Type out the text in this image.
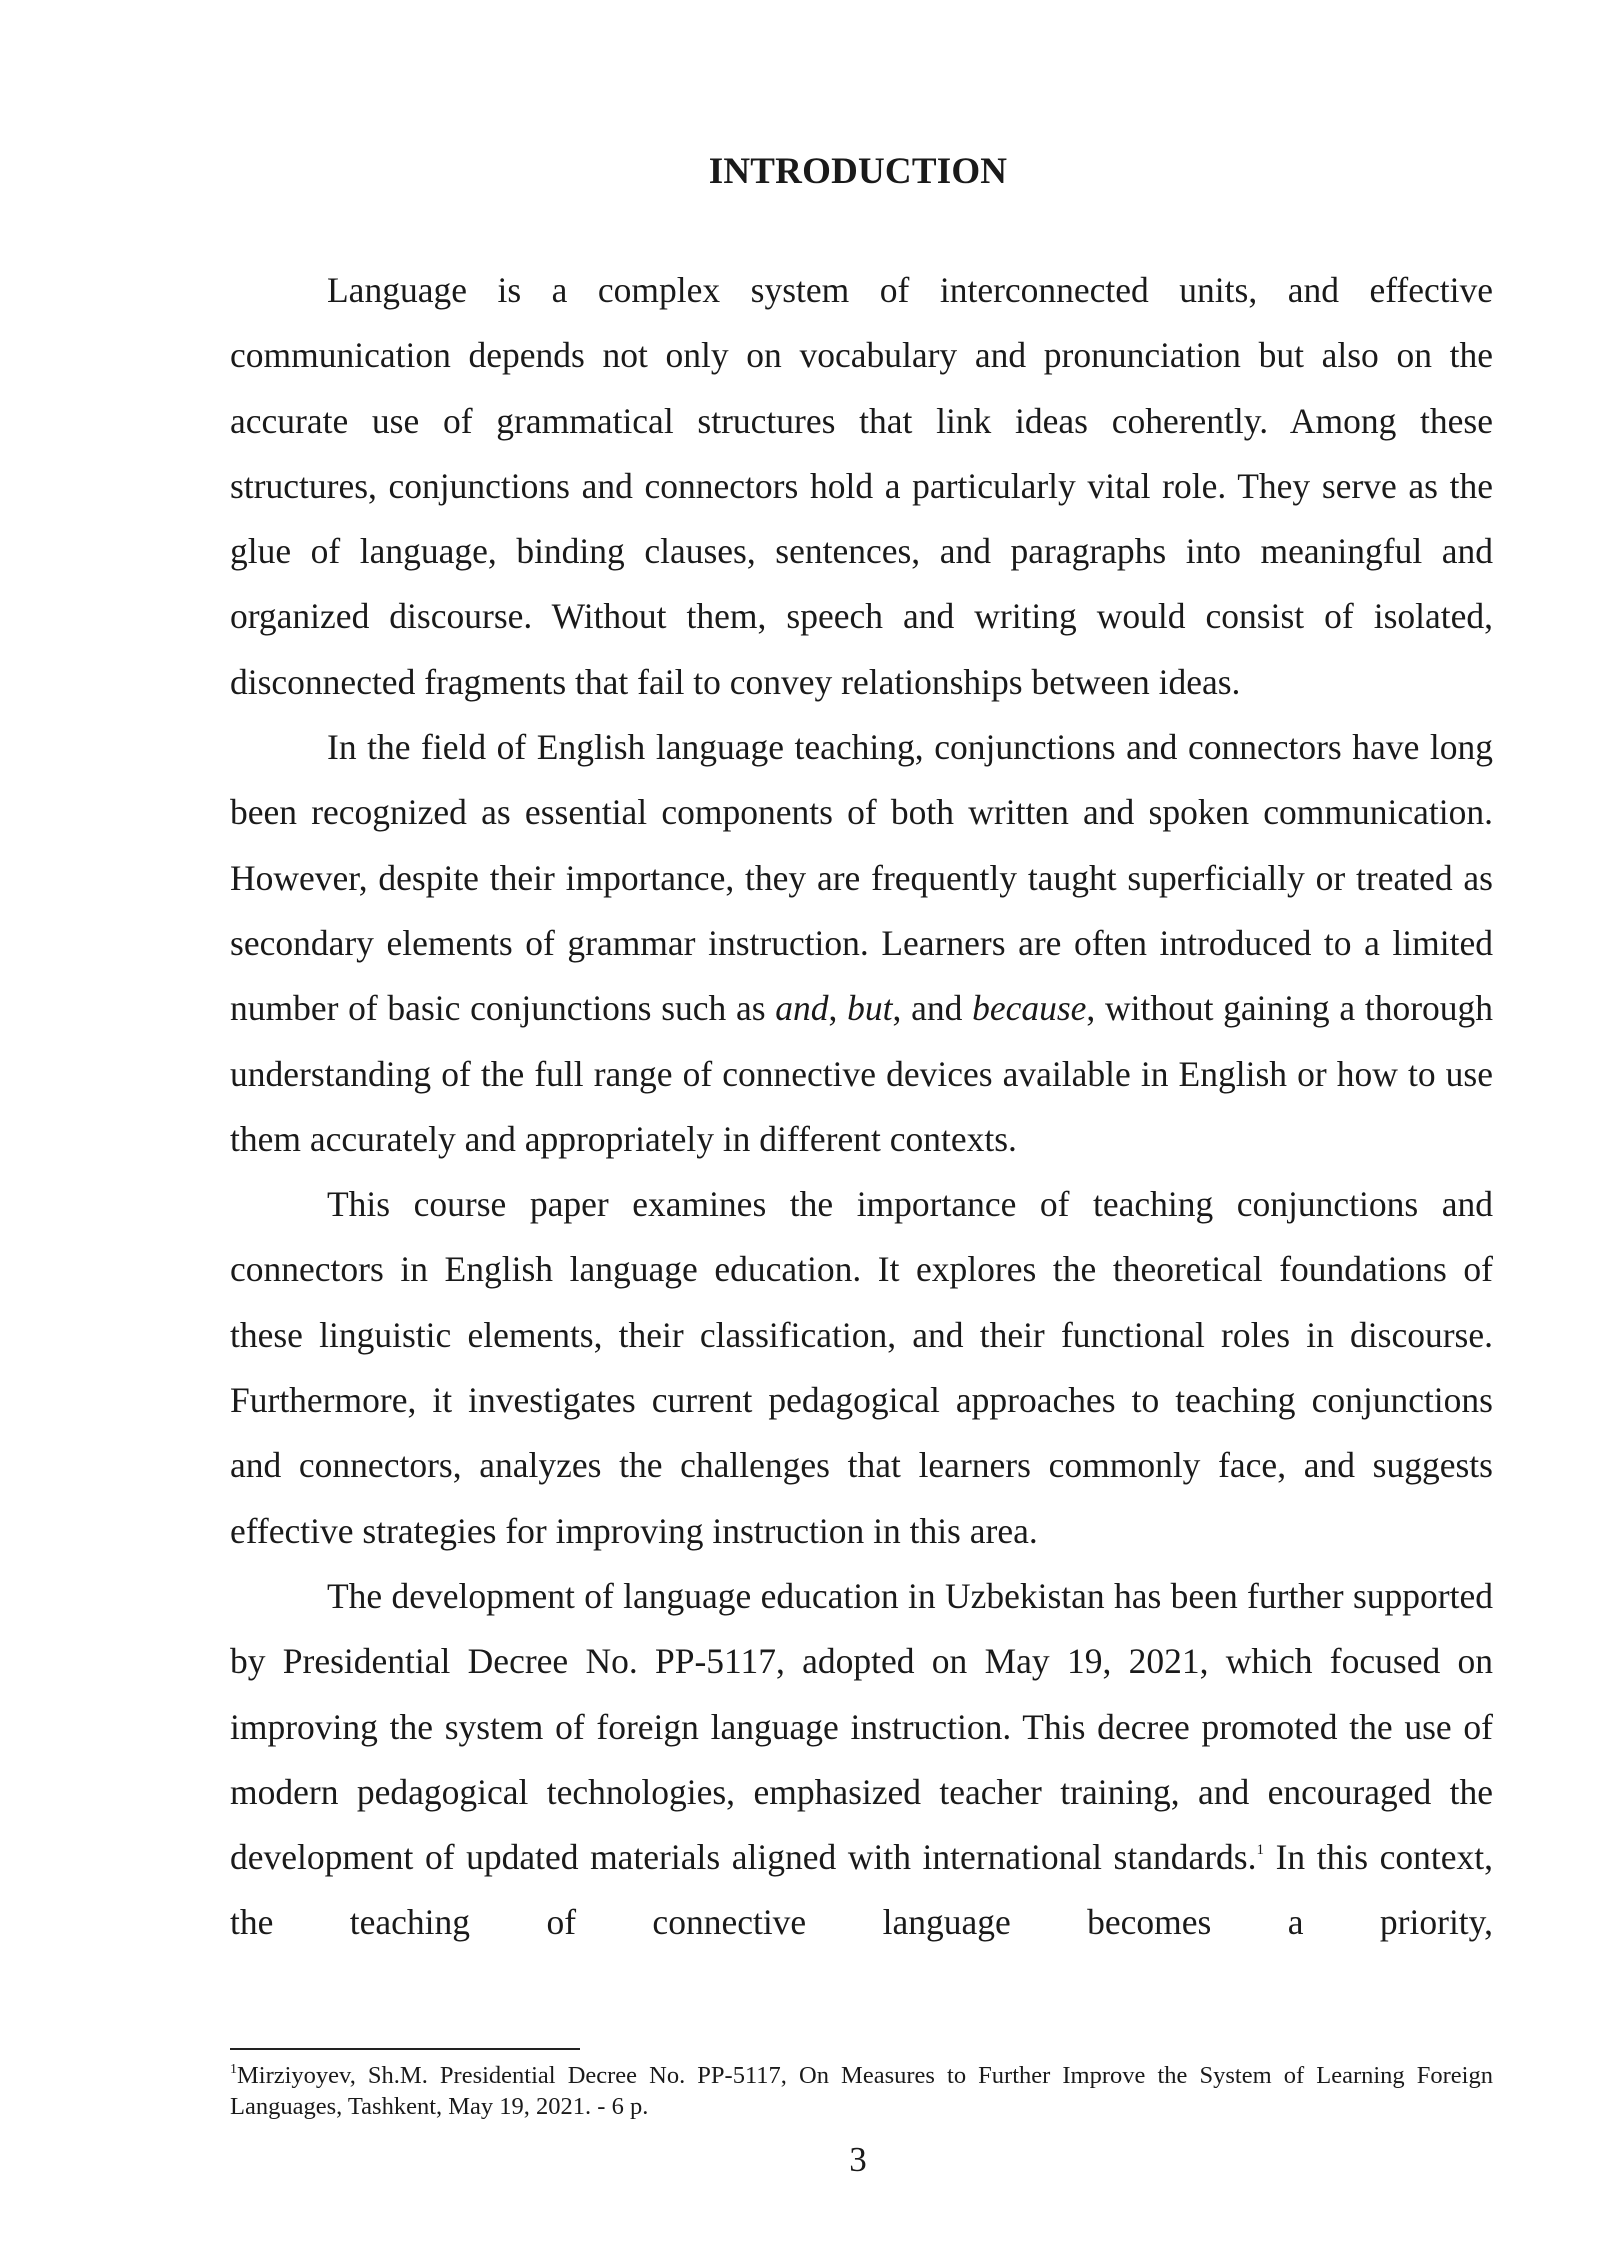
INTRODUCTION

Language is a complex system of interconnected units, and effective communication depends not only on vocabulary and pronunciation but also on the accurate use of grammatical structures that link ideas coherently. Among these structures, conjunctions and connectors hold a particularly vital role. They serve as the glue of language, binding clauses, sentences, and paragraphs into meaningful and organized discourse. Without them, speech and writing would consist of isolated, disconnected fragments that fail to convey relationships between ideas.

In the field of English language teaching, conjunctions and connectors have long been recognized as essential components of both written and spoken communication. However, despite their importance, they are frequently taught superficially or treated as secondary elements of grammar instruction. Learners are often introduced to a limited number of basic conjunctions such as and, but, and because, without gaining a thorough understanding of the full range of connective devices available in English or how to use them accurately and appropriately in different contexts.

This course paper examines the importance of teaching conjunctions and connectors in English language education. It explores the theoretical foundations of these linguistic elements, their classification, and their functional roles in discourse. Furthermore, it investigates current pedagogical approaches to teaching conjunctions and connectors, analyzes the challenges that learners commonly face, and suggests effective strategies for improving instruction in this area.

The development of language education in Uzbekistan has been further supported by Presidential Decree No. PP-5117, adopted on May 19, 2021, which focused on improving the system of foreign language instruction. This decree promoted the use of modern pedagogical technologies, emphasized teacher training, and encouraged the development of updated materials aligned with international standards.$^1$ In this context, the teaching of connective language becomes a priority,

$^1$Mirziyoyev, Sh.M. Presidential Decree No. PP-5117, On Measures to Further Improve the System of Learning Foreign Languages, Tashkent, May 19, 2021. - 6 p.
3
